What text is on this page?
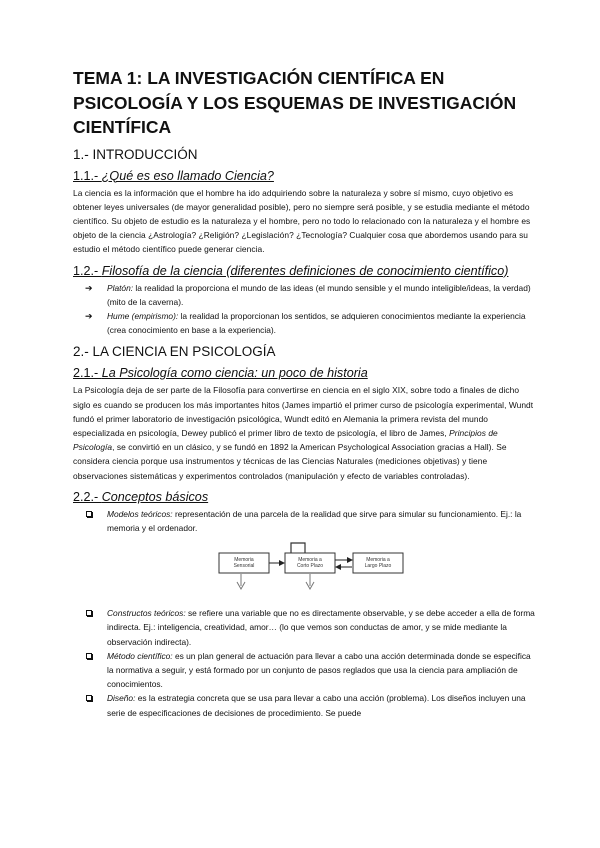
TEMA 1: LA INVESTIGACIÓN CIENTÍFICA EN PSICOLOGÍA Y LOS ESQUEMAS DE INVESTIGACIÓN CIENTÍFICA
1.- INTRODUCCIÓN
1.1.- ¿Qué es eso llamado Ciencia?

La ciencia es la información que el hombre ha ido adquiriendo sobre la naturaleza y sobre sí mismo, cuyo objetivo es obtener leyes universales (de mayor generalidad posible), pero no siempre será posible, y se estudia mediante el método científico. Su objeto de estudio es la naturaleza y el hombre, pero no todo lo relacionado con la naturaleza y el hombre es objeto de la ciencia ¿Astrología? ¿Religión? ¿Legislación? ¿Tecnología? Cualquier cosa que abordemos usando para su estudio el método científico puede generar ciencia.

1.2.- Filosofía de la ciencia (diferentes definiciones de conocimiento científico)
➔ Platón: la realidad la proporciona el mundo de las ideas (el mundo sensible y el mundo inteligible/ideas, la verdad) (mito de la caverna).
➔ Hume (empirismo): la realidad la proporcionan los sentidos, se adquieren conocimientos mediante la experiencia (crea conocimiento en base a la experiencia).
2.- LA CIENCIA EN PSICOLOGÍA
2.1.- La Psicología como ciencia: un poco de historia

La Psicología deja de ser parte de la Filosofía para convertirse en ciencia en el siglo XIX, sobre todo a finales de dicho siglo es cuando se producen los más importantes hitos (James impartió el primer curso de psicología experimental, Wundt fundó el primer laboratorio de investigación psicológica, Wundt editó en Alemania la primera revista del mundo especializada en psicología, Dewey publicó el primer libro de texto de psicología, el libro de James, Principios de Psicología, se convirtió en un clásico, y se fundó en 1892 la American Psychological Association gracias a Hall). Se considera ciencia porque usa instrumentos y técnicas de las Ciencias Naturales (mediciones objetivas) y tiene observaciones sistemáticas y experimentos controlados (manipulación y efecto de variables controladas).

2.2.- Conceptos básicos
Modelos teóricos: representación de una parcela de la realidad que sirve para simular su funcionamiento. Ej.: la memoria y el ordenador.
Memoria Sensorial
Memoria a Corto Plazo
Memoria a Largo Plazo
Constructos teóricos: se refiere una variable que no es directamente observable, y se debe acceder a ella de forma indirecta. Ej.: inteligencia, creatividad, amor… (lo que vemos son conductas de amor, y se mide mediante la observación indirecta).
Método científico: es un plan general de actuación para llevar a cabo una acción determinada donde se especifica la normativa a seguir, y está formado por un conjunto de pasos reglados que usa la ciencia para ampliación de conocimientos.
Diseño: es la estrategia concreta que se usa para llevar a cabo una acción (problema). Los diseños incluyen una serie de especificaciones de decisiones de procedimiento. Se puede
